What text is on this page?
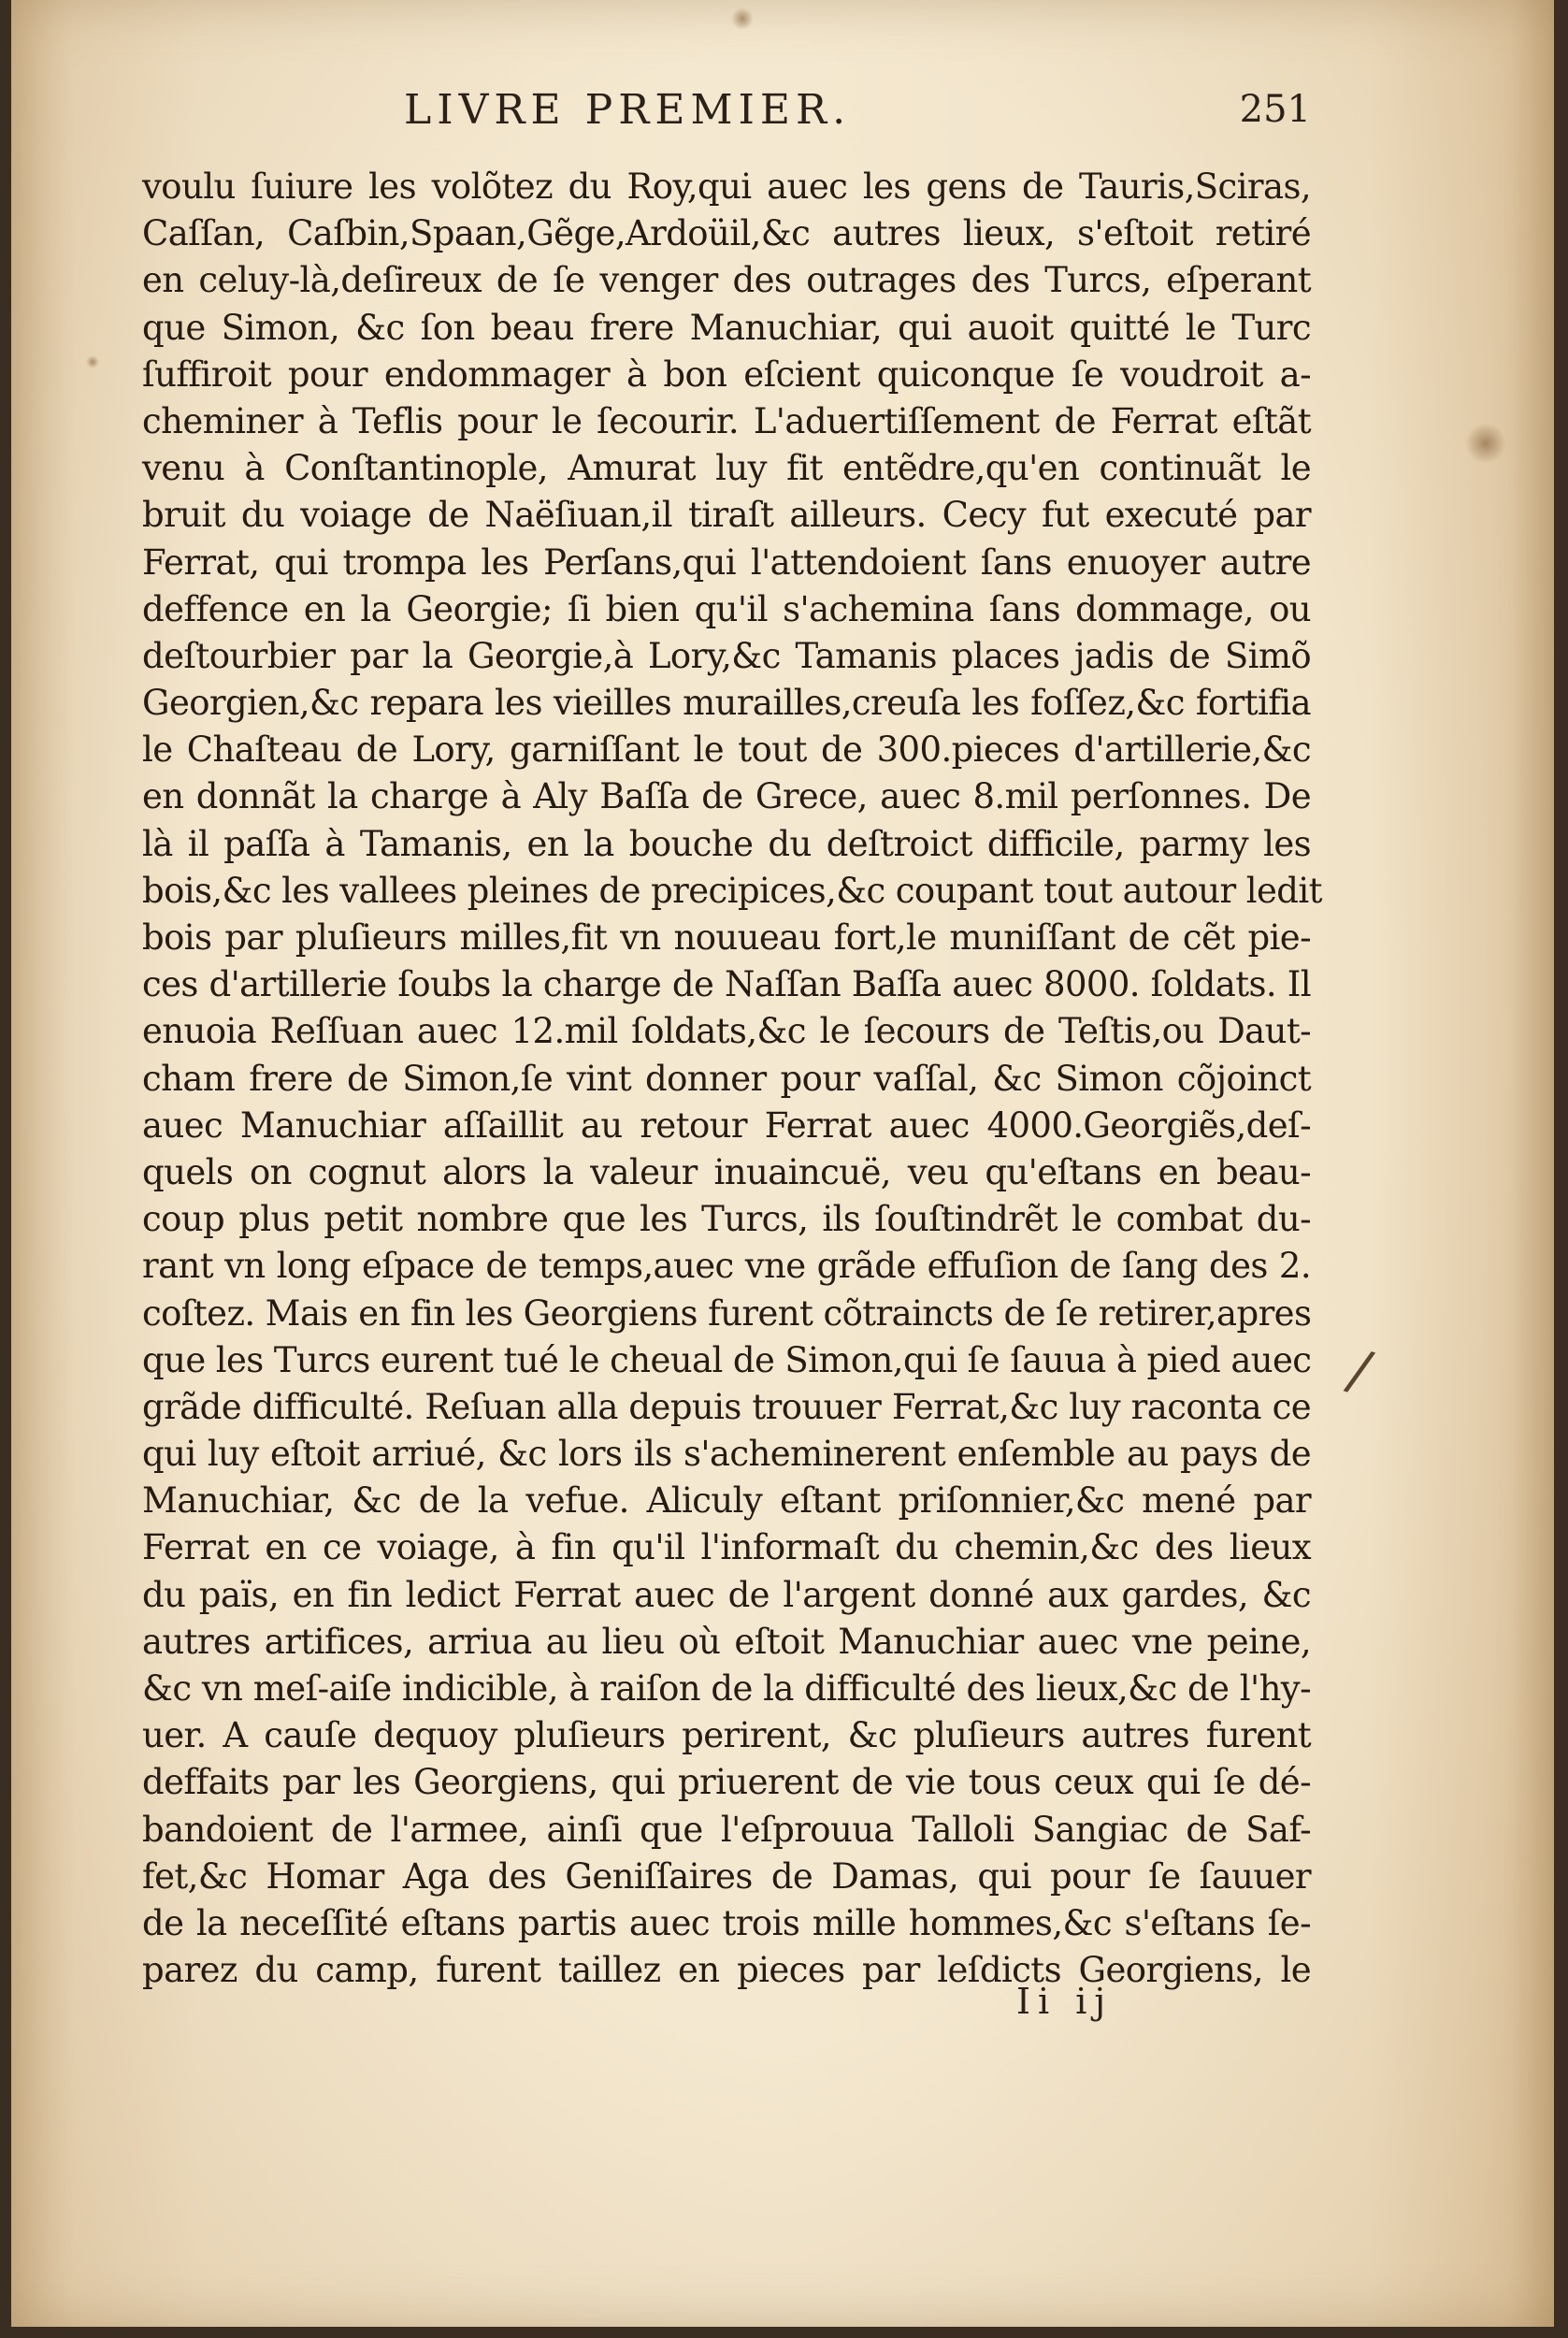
/
LIVRE PREMIER.	251
voulu ſuiure les volõtez du Roy,qui auec les gens de Tauris,Sciras,
Caſſan, Caſbin,Spaan,Gẽge,Ardoüil,&c autres lieux, s'eſtoit retiré
en celuy-là,deſireux de ſe venger des outrages des Turcs, eſperant
que Simon, &c ſon beau frere Manuchiar, qui auoit quitté le Turc
ſuffiroit pour endommager à bon eſcient quiconque ſe voudroit a-
cheminer à Teflis pour le ſecourir. L'aduertiſſement de Ferrat eſtãt
venu à Conſtantinople, Amurat luy fit entẽdre,qu'en continuãt le
bruit du voiage de Naëſiuan,il tiraſt ailleurs. Cecy fut executé par
Ferrat, qui trompa les Perſans,qui l'attendoient ſans enuoyer autre
deffence en la Georgie; ſi bien qu'il s'achemina ſans dommage, ou
deſtourbier par la Georgie,à Lory,&c Tamanis places jadis de Simõ
Georgien,&c repara les vieilles murailles,creuſa les foſſez,&c fortifia
le Chaſteau de Lory, garniſſant le tout de 300.pieces d'artillerie,&c
en donnãt la charge à Aly Baſſa de Grece, auec 8.mil perſonnes. De
là il paſſa à Tamanis, en la bouche du deſtroict difficile, parmy les
bois,&c les vallees pleines de precipices,&c coupant tout autour ledit
bois par pluſieurs milles,fit vn nouueau fort,le muniſſant de cẽt pie-
ces d'artillerie ſoubs la charge de Naſſan Baſſa auec 8000. ſoldats. Il
enuoia Reſſuan auec 12.mil ſoldats,&c le ſecours de Teſtis,ou Daut-
cham frere de Simon,ſe vint donner pour vaſſal, &c Simon cõjoinct
auec Manuchiar aſſaillit au retour Ferrat auec 4000.Georgiẽs,deſ-
quels on cognut alors la valeur inuaincuë, veu qu'eſtans en beau-
coup plus petit nombre que les Turcs, ils ſouſtindrẽt le combat du-
rant vn long eſpace de temps,auec vne grãde effuſion de ſang des 2.
coſtez. Mais en fin les Georgiens furent cõtraincts de ſe retirer,apres
que les Turcs eurent tué le cheual de Simon,qui ſe ſauua à pied auec
grãde difficulté. Reſuan alla depuis trouuer Ferrat,&c luy raconta ce
qui luy eſtoit arriué, &c lors ils s'acheminerent enſemble au pays de
Manuchiar, &c de la vefue. Aliculy eſtant priſonnier,&c mené par
Ferrat en ce voiage, à fin qu'il l'informaſt du chemin,&c des lieux
du païs, en fin ledict Ferrat auec de l'argent donné aux gardes, &c
autres artifices, arriua au lieu où eſtoit Manuchiar auec vne peine,
&c vn meſ-aiſe indicible, à raiſon de la difficulté des lieux,&c de l'hy-
uer. A cauſe dequoy pluſieurs perirent, &c pluſieurs autres furent
deffaits par les Georgiens, qui priuerent de vie tous ceux qui ſe dé-
bandoient de l'armee, ainſi que l'eſprouua Talloli Sangiac de Saf-
fet,&c Homar Aga des Geniſſaires de Damas, qui pour ſe ſauuer
de la neceſſité eſtans partis auec trois mille hommes,&c s'eſtans ſe-
parez du camp, furent taillez en pieces par leſdicts Georgiens, le
Ii ij
